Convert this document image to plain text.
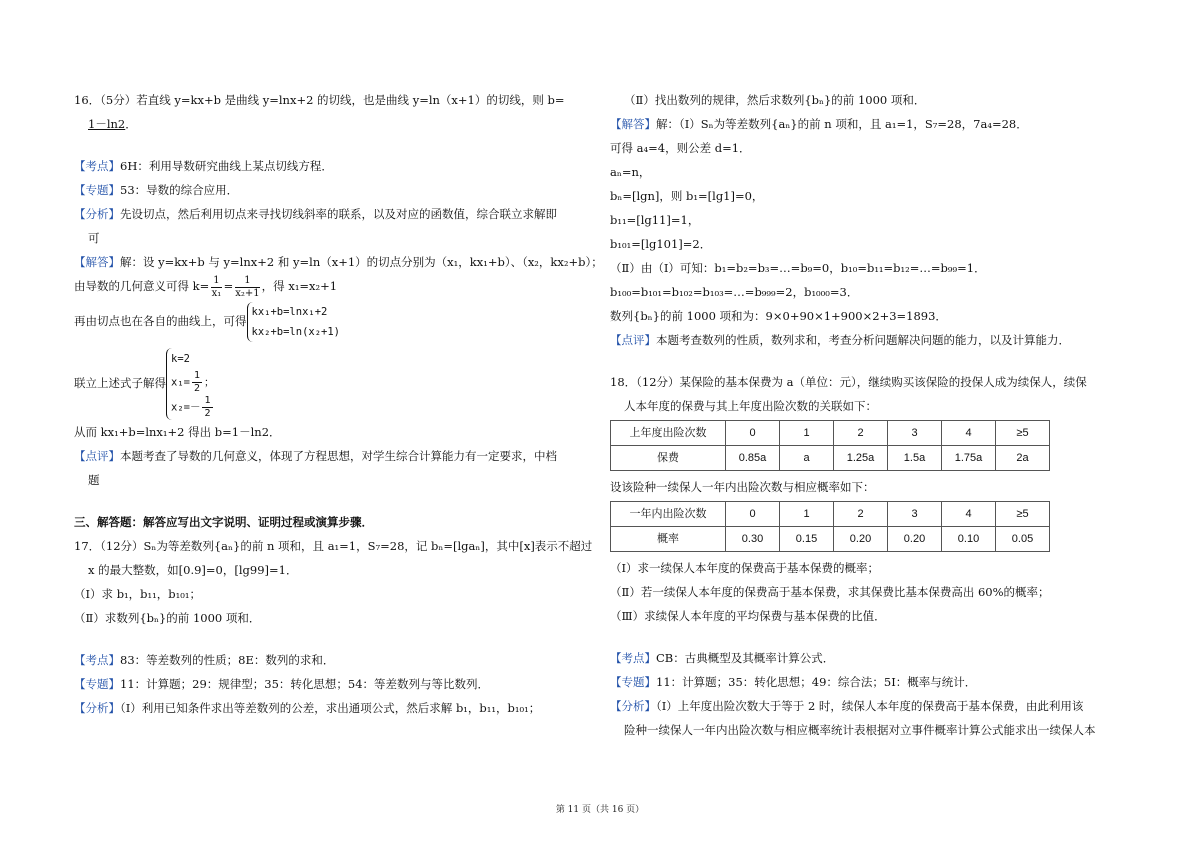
16．（5分）若直线 y=kx+b 是曲线 y=lnx+2 的切线，也是曲线 y=ln（x+1）的切线，则 b=
1－ln2．
【考点】6H：利用导数研究曲线上某点切线方程．
【专题】53：导数的综合应用．
【分析】先设切点，然后利用切点来寻找切线斜率的联系，以及对应的函数值，综合联立求解即
可
【解答】解：设 y=kx+b 与 y=lnx+2 和 y=ln（x+1）的切点分别为（x₁，kx₁+b）、（x₂，kx₂+b）；
由导数的几何意义可得 $k= \frac{1}{\text{x₁}} = \frac{1}{\text{x₂+1}}$ ，得 x₁=x₂+1
再由切点也在各自的曲线上，可得
kx₁+b=lnx₁+2
kx₂+b=ln(x₂+1)
联立上述式子解得
k=2
$x_1= \frac{1}{2}$ ；
$x_2=- \frac{1}{2}$
从而 kx₁+b=lnx₁+2 得出 b=1－ln2．
【点评】本题考查了导数的几何意义，体现了方程思想，对学生综合计算能力有一定要求，中档
题
三、解答题：解答应写出文字说明、证明过程或演算步骤．
17．（12分）Sₙ为等差数列{aₙ}的前 n 项和，且 a₁=1，S₇=28，记 bₙ=[lgaₙ]，其中[x]表示不超过
x 的最大整数，如[0.9]=0，[lg99]=1．
（Ⅰ）求 b₁，b₁₁，b₁₀₁；
（Ⅱ）求数列{bₙ}的前 1000 项和．
【考点】83：等差数列的性质；8E：数列的求和．
【专题】11：计算题；29：规律型；35：转化思想；54：等差数列与等比数列．
【分析】（Ⅰ）利用已知条件求出等差数列的公差，求出通项公式，然后求解 b₁，b₁₁，b₁₀₁；
（Ⅱ）找出数列的规律，然后求数列{bₙ}的前 1000 项和．
【解答】解：（Ⅰ）Sₙ为等差数列{aₙ}的前 n 项和，且 a₁=1，S₇=28，7a₄=28．
可得 a₄=4，则公差 d=1．
aₙ=n，
bₙ=[lgn]，则 b₁=[lg1]=0，
b₁₁=[lg11]=1，
b₁₀₁=[lg101]=2．
（Ⅱ）由（Ⅰ）可知：b₁=b₂=b₃=…=b₉=0，b₁₀=b₁₁=b₁₂=…=b₉₉=1．
b₁₀₀=b₁₀₁=b₁₀₂=b₁₀₃=…=b₉₉₉=2，b₁₀₀₀=3．
数列{bₙ}的前 1000 项和为：9×0+90×1+900×2+3=1893．
【点评】本题考查数列的性质，数列求和，考查分析问题解决问题的能力，以及计算能力．
18．（12分）某保险的基本保费为 a（单位：元），继续购买该保险的投保人成为续保人，续保
人本年度的保费与其上年度出险次数的关联如下：
上年度出险次数	0	1	2	3	4	≥5
保费	0.85a	a	1.25a	1.5a	1.75a	2a
设该险种一续保人一年内出险次数与相应概率如下：
一年内出险次数	0	1	2	3	4	≥5
概率	0.30	0.15	0.20	0.20	0.10	0.05
（Ⅰ）求一续保人本年度的保费高于基本保费的概率；
（Ⅱ）若一续保人本年度的保费高于基本保费，求其保费比基本保费高出 60%的概率；
（Ⅲ）求续保人本年度的平均保费与基本保费的比值．
【考点】CB：古典概型及其概率计算公式．
【专题】11：计算题；35：转化思想；49：综合法；5I：概率与统计．
【分析】（Ⅰ）上年度出险次数大于等于 2 时，续保人本年度的保费高于基本保费，由此利用该
险种一续保人一年内出险次数与相应概率统计表根据对立事件概率计算公式能求出一续保人本
第 11 页（共 16 页）
